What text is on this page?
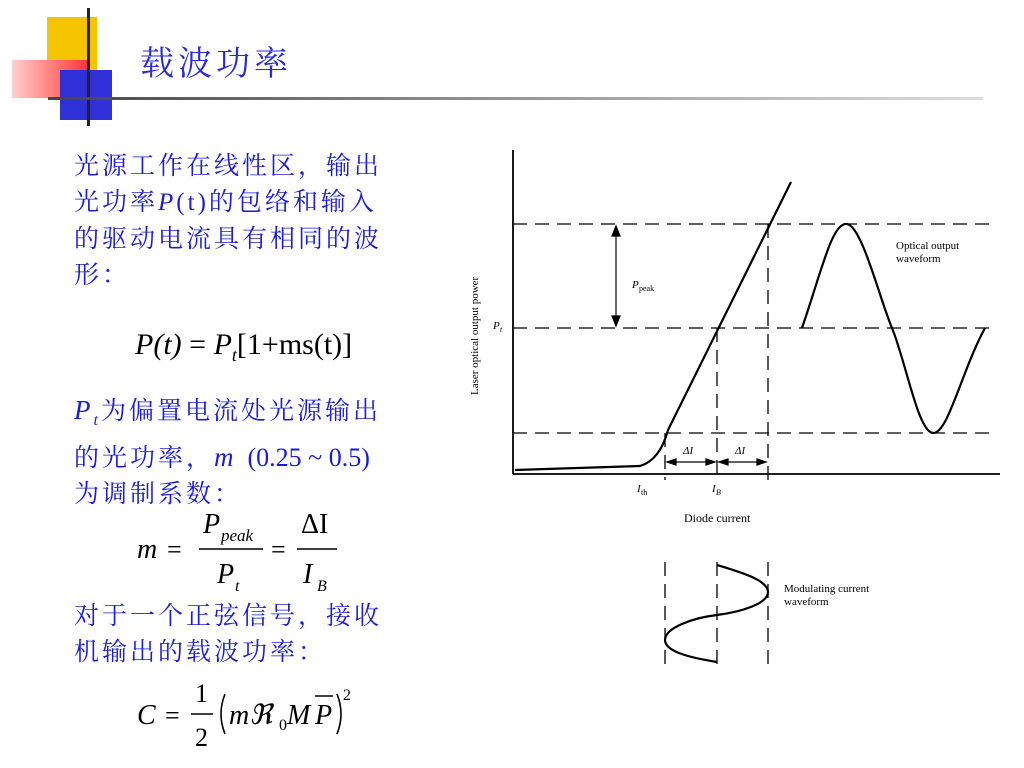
载波功率
光源工作在线性区，输出
光功率P(t)的包络和输入
的驱动电流具有相同的波
形：
$P(t) = P_t[1+ms(t)]$
$P_t$为偏置电流处光源输出
的光功率，m (0.25 ~ 0.5)
为调制系数：
m =
P peak
P t
=
ΔI
I B
对于一个正弦信号，接收
机输出的载波功率：
C =
1
2
mℜ 0 M P
2
Laser optical output power
Diode current
P peak
P t
I th	I B
ΔI	ΔI
Optical output
waveform
Modulating current
waveform
